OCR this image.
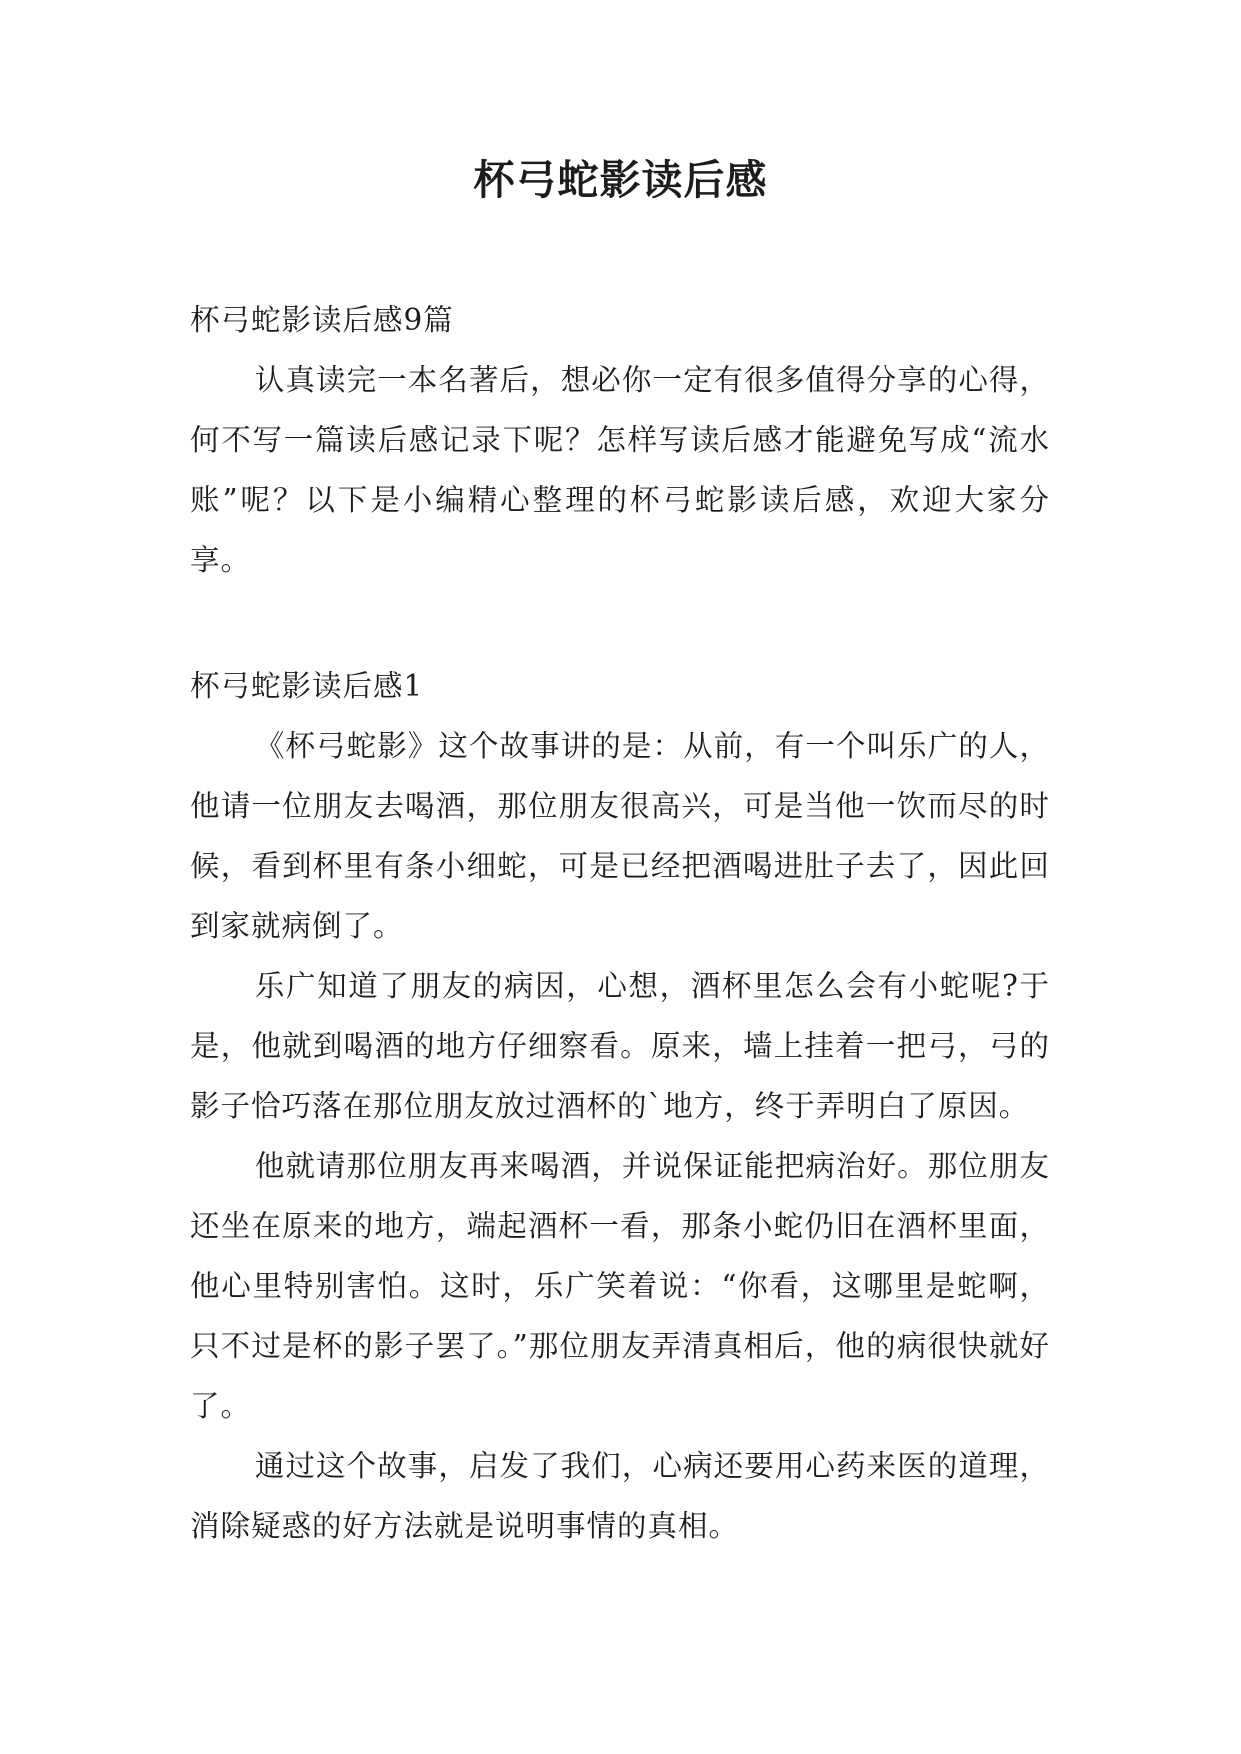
杯弓蛇影读后感

杯弓蛇影读后感9篇

认真读完一本名著后，想必你一定有很多值得分享的心得，何不写一篇读后感记录下呢？怎样写读后感才能避免写成“流水账”呢？以下是小编精心整理的杯弓蛇影读后感，欢迎大家分享。

杯弓蛇影读后感1

《杯弓蛇影》这个故事讲的是：从前，有一个叫乐广的人，他请一位朋友去喝酒，那位朋友很高兴，可是当他一饮而尽的时候，看到杯里有条小细蛇，可是已经把酒喝进肚子去了，因此回到家就病倒了。

乐广知道了朋友的病因，心想，酒杯里怎么会有小蛇呢?于是，他就到喝酒的地方仔细察看。原来，墙上挂着一把弓，弓的影子恰巧落在那位朋友放过酒杯的`地方，终于弄明白了原因。

他就请那位朋友再来喝酒，并说保证能把病治好。那位朋友还坐在原来的地方，端起酒杯一看，那条小蛇仍旧在酒杯里面，他心里特别害怕。这时，乐广笑着说：“你看，这哪里是蛇啊，只不过是杯的影子罢了。”那位朋友弄清真相后，他的病很快就好了。

通过这个故事，启发了我们，心病还要用心药来医的道理，消除疑惑的好方法就是说明事情的真相。
